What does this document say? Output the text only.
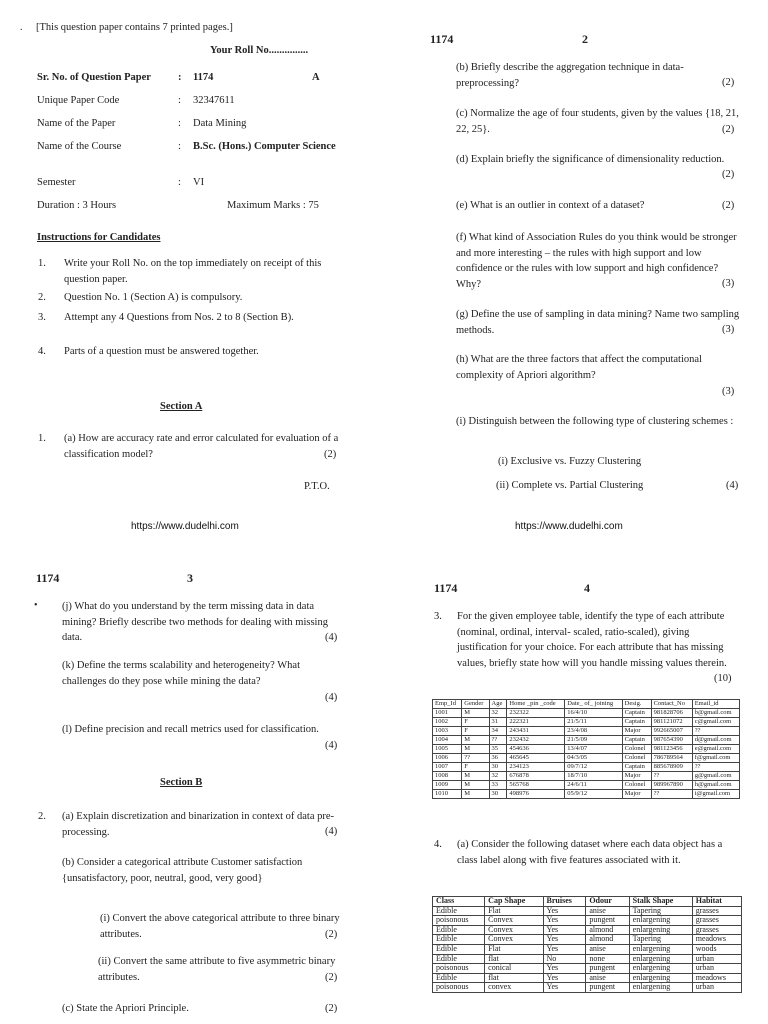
. [This question paper contains 7 printed pages.]
Your Roll No...............
Sr. No. of Question Paper	: 1174	A
Unique Paper Code	: 32347611
Name of the Paper	: Data Mining
Name of the Course	: B.Sc. (Hons.) Computer Science
Semester	: VI
Duration : 3 Hours	Maximum Marks : 75
Instructions for Candidates
1. Write your Roll No. on the top immediately on receipt of this question paper.
2. Question No. 1 (Section A) is compulsory.
3. Attempt any 4 Questions from Nos. 2 to 8 (Section B).
4. Parts of a question must be answered together.
Section A
1. (a) How are accuracy rate and error calculated for evaluation of a classification model?	(2)
P.T.O.
https://www.dudelhi.com
1174	2
(b) Briefly describe the aggregation technique in data-preprocessing?	(2)
(c) Normalize the age of four students, given by the values {18, 21, 22, 25}.	(2)
(d) Explain briefly the significance of dimensionality reduction.
(2)
(e) What is an outlier in context of a dataset?	(2)
(f) What kind of Association Rules do you think would be stronger and more interesting – the rules with high support and low confidence or the rules with low support and high confidence? Why?	(3)
(g) Define the use of sampling in data mining? Name two sampling methods.	(3)
(h) What are the three factors that affect the computational complexity of Apriori algorithm?
(3)
(i) Distinguish between the following type of clustering schemes :
(i) Exclusive vs. Fuzzy Clustering
(ii) Complete vs. Partial Clustering	(4)
https://www.dudelhi.com
1174	3
• (j) What do you understand by the term missing data in data mining? Briefly describe two methods for dealing with missing data.	(4)
(k) Define the terms scalability and heterogeneity? What challenges do they pose while mining the data?
(4)
(l) Define precision and recall metrics used for classification.
(4)
Section B
2. (a) Explain discretization and binarization in context of data pre-processing.	(4)
(b) Consider a categorical attribute Customer satisfaction {unsatisfactory, poor, neutral, good, very good}
(i) Convert the above categorical attribute to three binary attributes.	(2)
(ii) Convert the same attribute to five asymmetric binary attributes.	(2)
(c) State the Apriori Principle.	(2)
1174	4
3. For the given employee table, identify the type of each attribute (nominal, ordinal, interval- scaled, ratio-scaled), giving justification for your choice. For each attribute that has missing values, briefly state how will you handle missing values therein.
(10)
Emp_Id	Gender	Age	Home _pin _code	Date_ of_ joining	Desig.	Contact_No	Email_id
1001	M	32	232322	16/4/10	Captain	981828706	b@gmail.com
1002	F	31	222321	21/5/11	Captain	981121072	c@gmail.com
1003	F	34	243431	23/4/08	Major	992665007	??
1004	M	??	232432	21/5/09	Captain	987654390	d@gmail.com
1005	M	35	454636	13/4/07	Colonel	981123456	e@gmail.com
1006	??	36	465645	04/3/05	Colonel	786789564	f@gmail.com
1007	F	30	234123	09/7/12	Captain	885678909	??
1008	M	32	676878	18/7/10	Major	??	g@gmail.com
1009	M	33	565768	24/6/11	Colonel	989967890	h@gmail.com
1010	M	30	498976	05/9/12	Major	??	i@gmail.com
4. (a) Consider the following dataset where each data object has a class label along with five features associated with it.
Class	Cap Shape	Bruises	Odour	Stalk Shape	Habitat
Edible	Flat	Yes	anise	Tapering	grasses
poisonous	Convex	Yes	pungent	enlargening	grasses
Edible	Convex	Yes	almond	enlargening	grasses
Edible	Convex	Yes	almond	Tapering	meadows
Edible	Flat	Yes	anise	enlargening	woods
Edible	flat	No	none	enlargening	urban
poisonous	conical	Yes	pungent	enlargening	urban
Edible	flat	Yes	anise	enlargening	meadows
poisonous	convex	Yes	pungent	enlargening	urban
